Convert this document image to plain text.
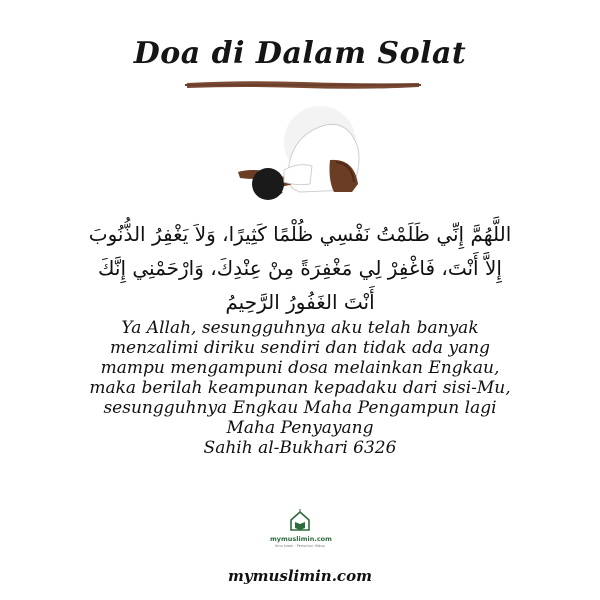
Doa di Dalam Solat
اللَّهُمَّ إِنِّي ظَلَمْتُ نَفْسِي ظُلْمًا كَثِيرًا، وَلاَ يَغْفِرُ الذُّنُوبَ
إِلاَّ أَنْتَ، فَاغْفِرْ لِي مَغْفِرَةً مِنْ عِنْدِكَ، وَارْحَمْنِي إِنَّكَ
أَنْتَ الغَفُورُ الرَّحِيمُ
Ya Allah, sesungguhnya aku telah banyak
menzalimi diriku sendiri dan tidak ada yang
mampu mengampuni dosa melainkan Engkau,
maka berilah keampunan kepadaku dari sisi-Mu,
sesungguhnya Engkau Maha Pengampun lagi
Maha Penyayang
Sahih al-Bukhari 6326
mymuslimin.com
Ilmu Islam · Penuntun Hidup
mymuslimin.com
